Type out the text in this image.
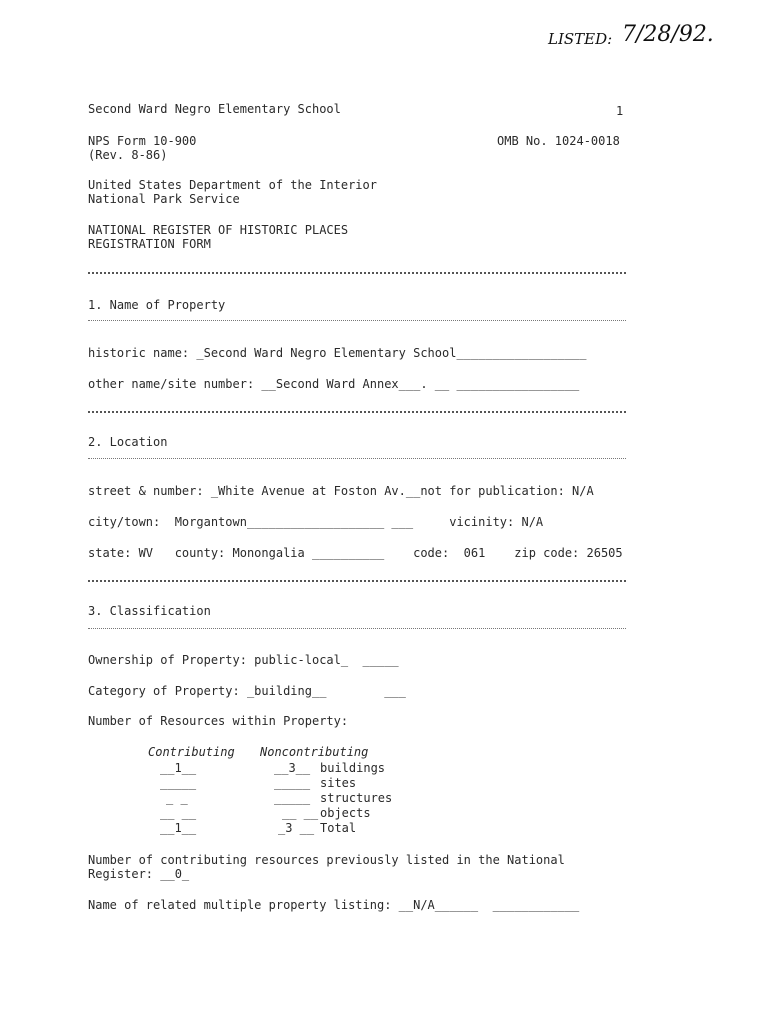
LISTED: 7/28/92.
Second Ward Negro Elementary School	1
NPS Form 10-900	OMB No. 1024-0018
(Rev. 8-86)
United States Department of the Interior
National Park Service
NATIONAL REGISTER OF HISTORIC PLACES
REGISTRATION FORM
1. Name of Property
historic name: _Second Ward Negro Elementary School__________________
other name/site number: __Second Ward Annex___. __ _________________
2. Location
street & number: _White Avenue at Foston Av.__not for publication: N/A
city/town:  Morgantown___________________ ___     vicinity: N/A
state: WV   county: Monongalia __________    code:  061    zip code: 26505
3. Classification
Ownership of Property: public-local_  _____
Category of Property: _building__        ___
Number of Resources within Property:
Contributing Noncontributing
__1__	__3__ buildings
_____	_____ sites
_ _	_____ structures
__ __	__ __ objects
__1__	_3 __ Total
Number of contributing resources previously listed in the National
Register: __0_
Name of related multiple property listing: __N/A______  ____________
